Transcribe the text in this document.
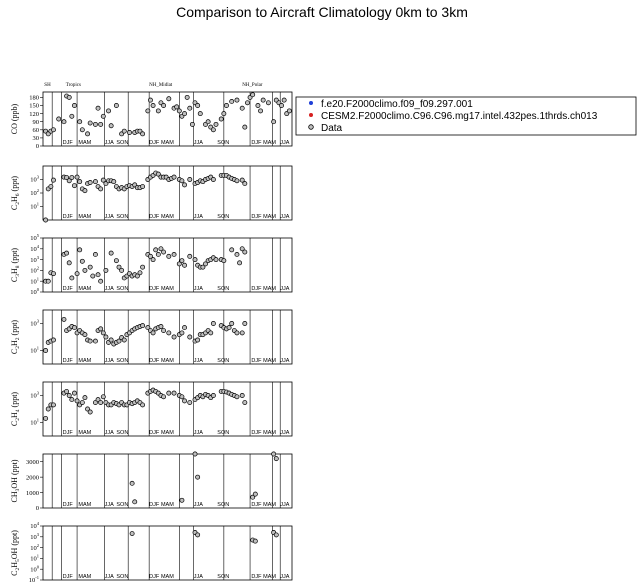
Comparison to Aircraft Climatology 0km to 3km
0
30
60
90
120
150
180
CO (ppb)
DJF MAM JJA SON	DJF MAM	JJA	SON	DJF MAM JJA
SH	Tropics	NH_Midlat	NH_Polar
$10^1$
$10^2$
$10^3$
$C_2H_6$ (ppt)
DJF MAM JJA SON	DJF MAM	JJA	SON	DJF MAM JJA
$10^0$
$10^1$
$10^2$
$10^3$
$10^4$
$10^5$
$C_3H_8$ (ppt)
DJF MAM JJA SON	DJF MAM	JJA	SON	DJF MAM JJA
$10^1$
$10^3$
$C_2H_2$ (ppt)
DJF MAM JJA SON	DJF MAM	JJA	SON	DJF MAM JJA
$10^1$
$10^3$
$C_2H_4$ (ppt)
DJF MAM JJA SON	DJF MAM	JJA	SON	DJF MAM JJA
0
1000
2000
3000
$CH_3OH$ (ppt)
DJF MAM JJA SON	DJF MAM	JJA	SON	DJF MAM JJA
$10^{-1}$
$10^0$
$10^1$
$10^2$
$10^3$
$10^4$
$C_2H_5OH$ (ppt)
DJF MAM JJA SON	DJF MAM	JJA	SON	DJF MAM JJA
f.e20.F2000climo.f09_f09.297.001
CESM2.F2000climo.C96.C96.mg17.intel.432pes.1thrds.ch013
Data
